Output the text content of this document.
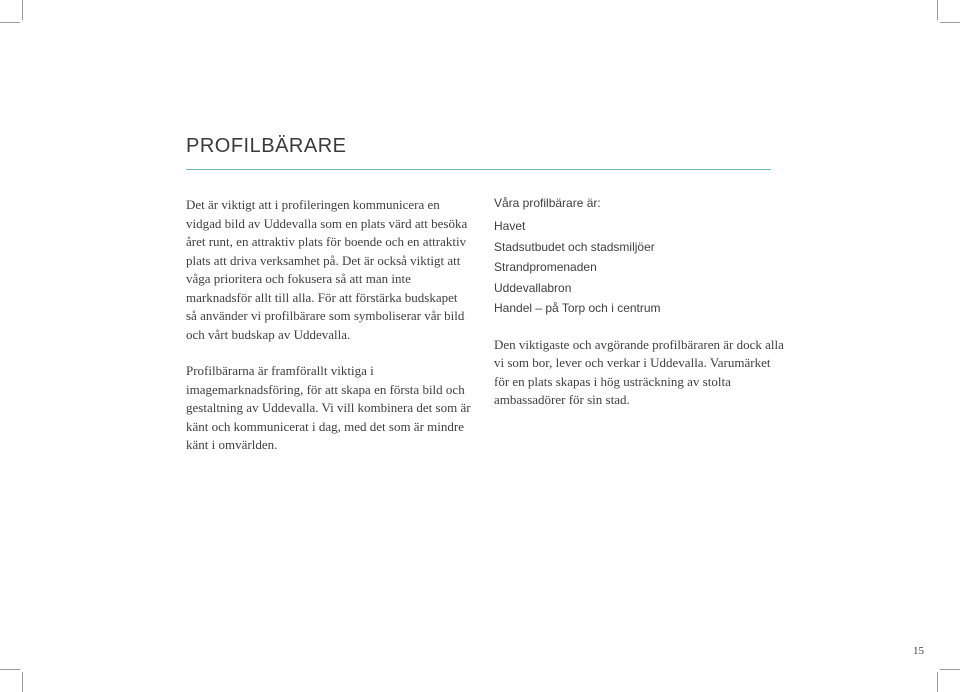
PROFILBÄRARE

Det är viktigt att i profileringen kommunicera en vidgad bild av Uddevalla som en plats värd att besöka året runt, en attraktiv plats för boende och en attraktiv plats att driva verksamhet på. Det är också viktigt att våga prioritera och fokusera så att man inte marknadsför allt till alla. För att förstärka budskapet så använder vi profilbärare som symboliserar vår bild och vårt budskap av Uddevalla.

Profilbärarna är framförallt viktiga i imagemarknadsföring, för att skapa en första bild och gestaltning av Uddevalla. Vi vill kombinera det som är känt och kommunicerat i dag, med det som är mindre känt i omvärlden.

Våra profilbärare är:

Havet
Stadsutbudet och stadsmiljöer
Strandpromenaden
Uddevallabron
Handel – på Torp och i centrum

Den viktigaste och avgörande profilbäraren är dock alla vi som bor, lever och verkar i Uddevalla. Varumärket för en plats skapas i hög usträckning av stolta ambassadörer för sin stad.

15
